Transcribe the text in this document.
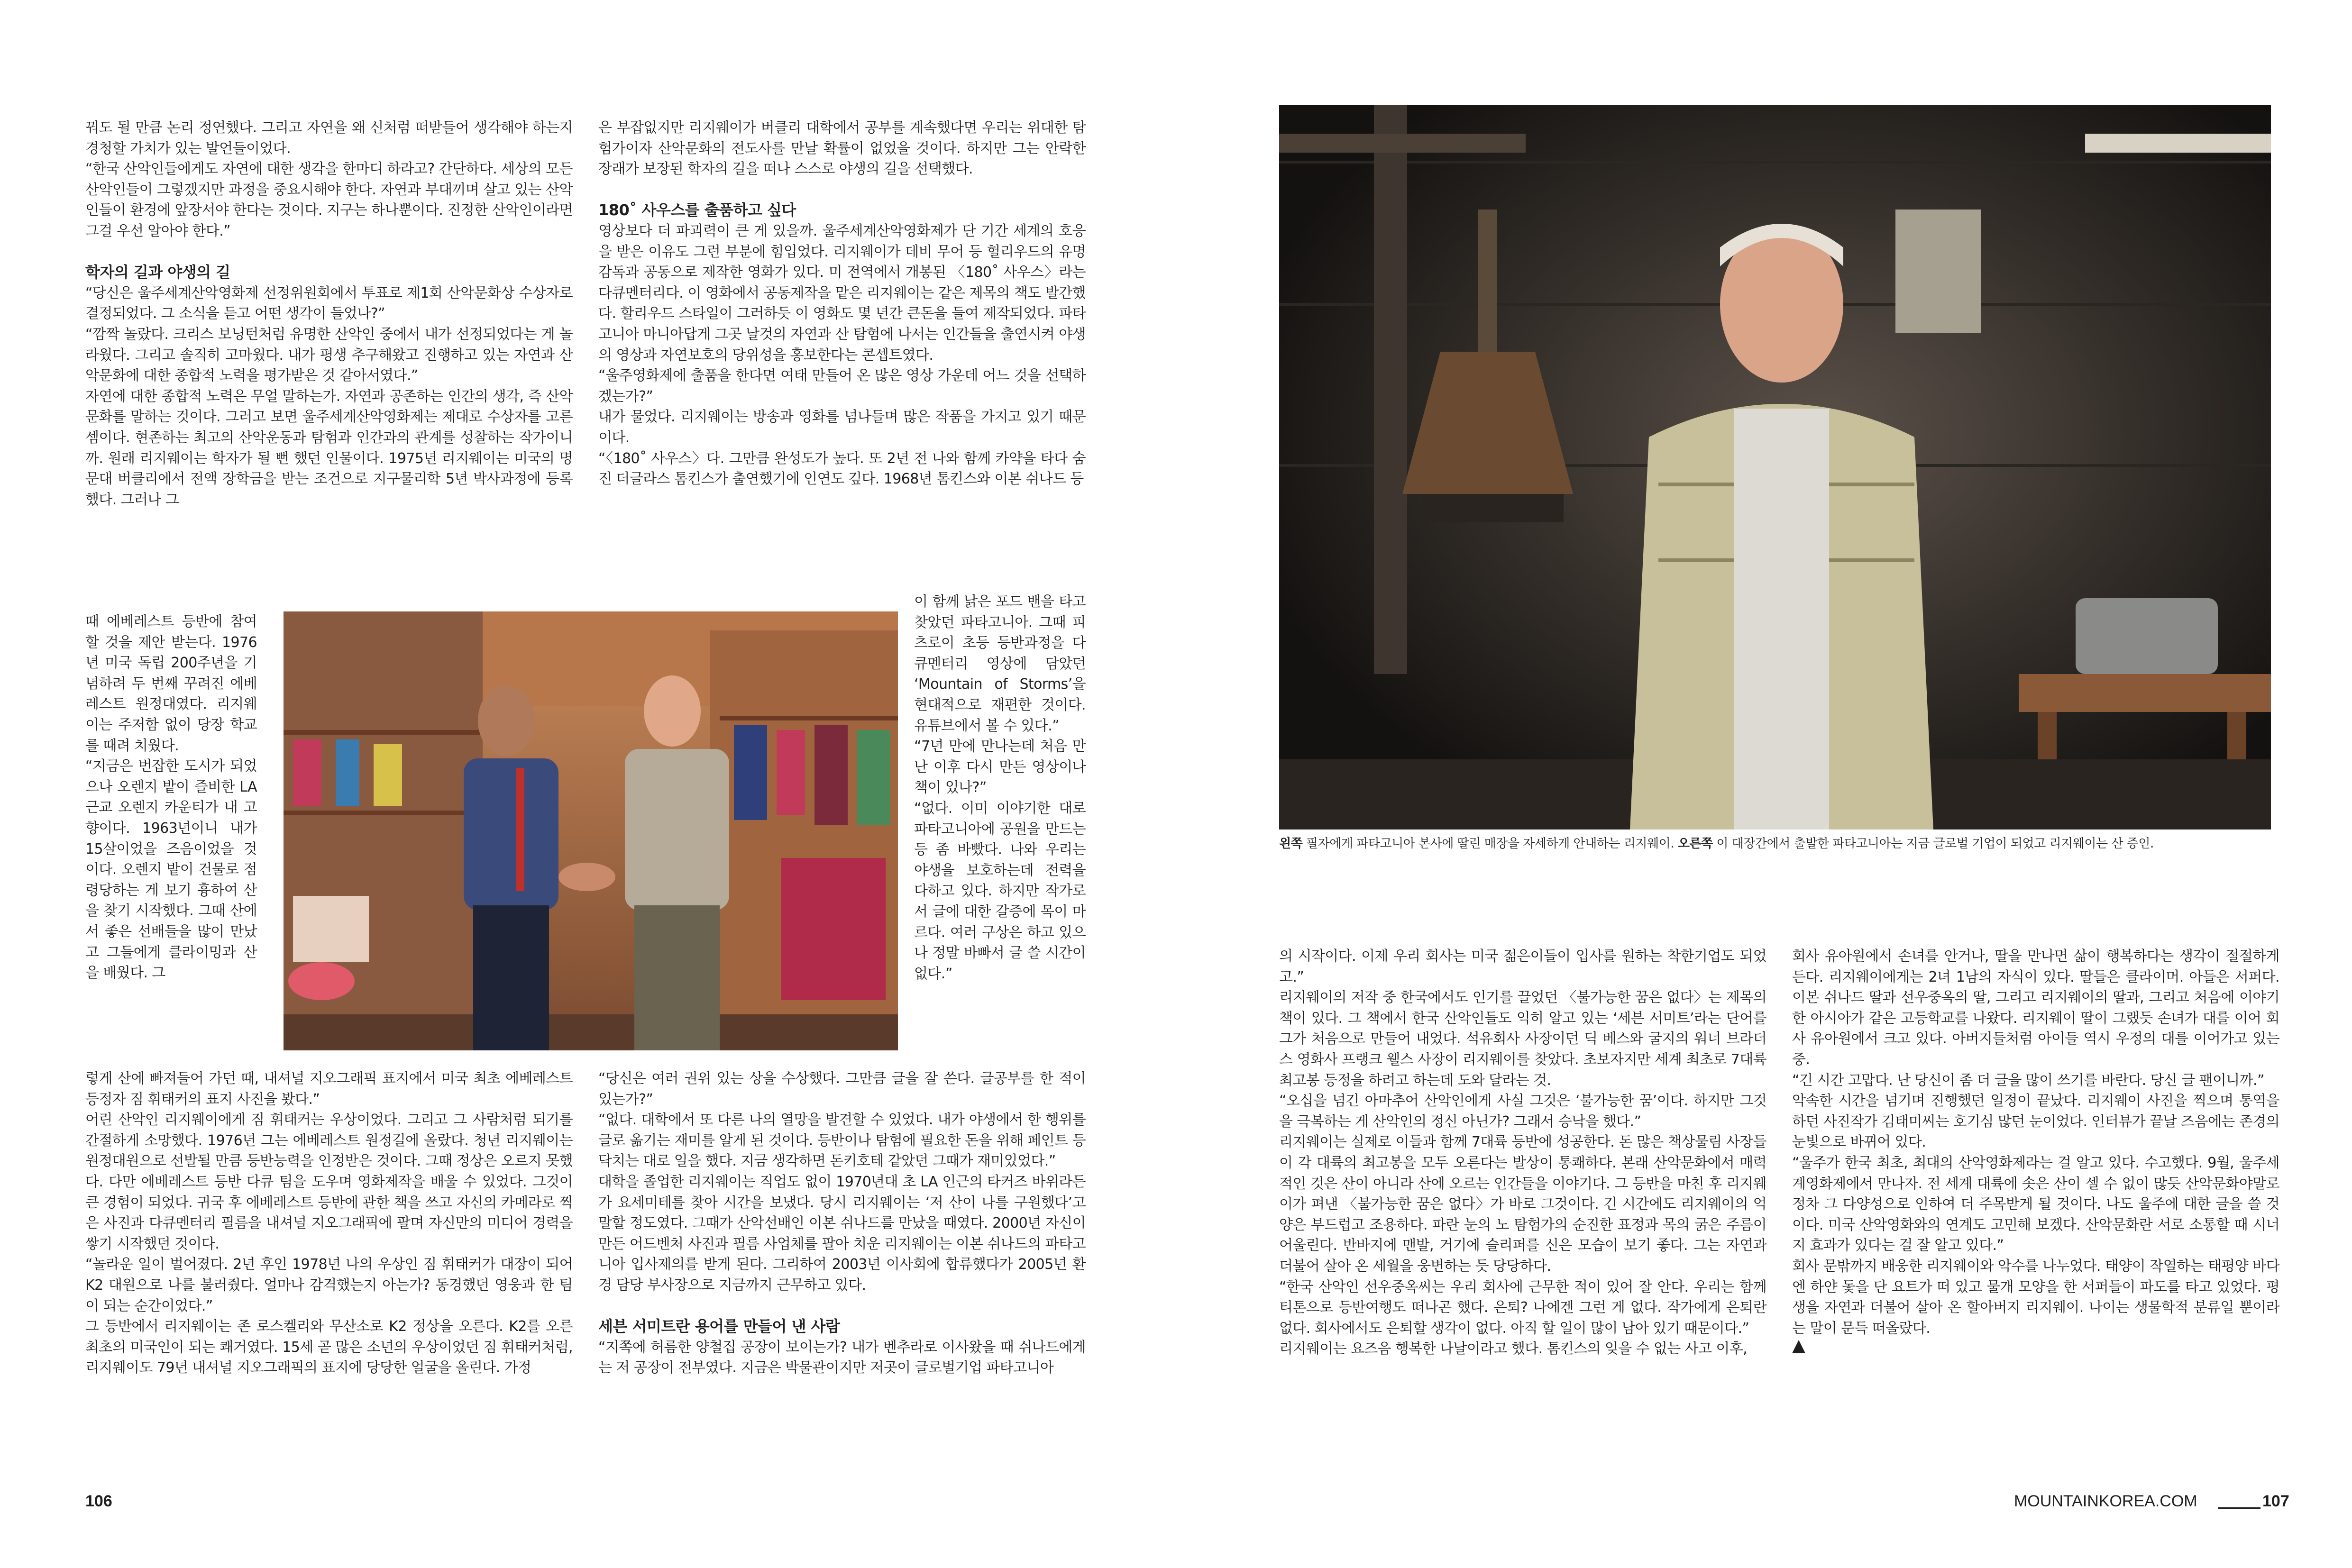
꿔도 될 만큼 논리 정연했다. 그리고 자연을 왜 신처럼 떠받들어 생각해야 하는지 경청할 가치가 있는 발언들이었다.

“한국 산악인들에게도 자연에 대한 생각을 한마디 하라고? 간단하다. 세상의 모든 산악인들이 그렇겠지만 과정을 중요시해야 한다. 자연과 부대끼며 살고 있는 산악인들이 환경에 앞장서야 한다는 것이다. 지구는 하나뿐이다. 진정한 산악인이라면 그걸 우선 알아야 한다.”

학자의 길과 야생의 길

“당신은 울주세계산악영화제 선정위원회에서 투표로 제1회 산악문화상 수상자로 결정되었다. 그 소식을 듣고 어떤 생각이 들었나?”

“깜짝 놀랐다. 크리스 보닝턴처럼 유명한 산악인 중에서 내가 선정되었다는 게 놀라웠다. 그리고 솔직히 고마웠다. 내가 평생 추구해왔고 진행하고 있는 자연과 산악문화에 대한 종합적 노력을 평가받은 것 같아서였다.”

자연에 대한 종합적 노력은 무얼 말하는가. 자연과 공존하는 인간의 생각, 즉 산악문화를 말하는 것이다. 그러고 보면 울주세계산악영화제는 제대로 수상자를 고른 셈이다. 현존하는 최고의 산악운동과 탐험과 인간과의 관계를 성찰하는 작가이니까. 원래 리지웨이는 학자가 될 뻔 했던 인물이다. 1975년 리지웨이는 미국의 명문대 버클리에서 전액 장학금을 받는 조건으로 지구물리학 5년 박사과정에 등록했다. 그러나 그

때 에베레스트 등반에 참여할 것을 제안 받는다. 1976년 미국 독립 200주년을 기념하려 두 번째 꾸려진 에베레스트 원정대였다. 리지웨이는 주저함 없이 당장 학교를 때려 치웠다.

“지금은 번잡한 도시가 되었으나 오렌지 밭이 즐비한 LA근교 오렌지 카운티가 내 고향이다. 1963년이니 내가 15살이었을 즈음이었을 것이다. 오렌지 밭이 건물로 점령당하는 게 보기 흉하여 산을 찾기 시작했다. 그때 산에서 좋은 선배들을 많이 만났고 그들에게 클라이밍과 산을 배웠다. 그

렇게 산에 빠져들어 가던 때, 내셔널 지오그래픽 표지에서 미국 최초 에베레스트 등정자 짐 휘태커의 표지 사진을 봤다.”

어린 산악인 리지웨이에게 짐 휘태커는 우상이었다. 그리고 그 사람처럼 되기를 간절하게 소망했다. 1976년 그는 에베레스트 원정길에 올랐다. 청년 리지웨이는 원정대원으로 선발될 만큼 등반능력을 인정받은 것이다. 그때 정상은 오르지 못했다. 다만 에베레스트 등반 다큐 팀을 도우며 영화제작을 배울 수 있었다. 그것이 큰 경험이 되었다. 귀국 후 에베레스트 등반에 관한 책을 쓰고 자신의 카메라로 찍은 사진과 다큐멘터리 필름을 내셔널 지오그래픽에 팔며 자신만의 미디어 경력을 쌓기 시작했던 것이다.

“놀라운 일이 벌어졌다. 2년 후인 1978년 나의 우상인 짐 휘태커가 대장이 되어 K2 대원으로 나를 불러줬다. 얼마나 감격했는지 아는가? 동경했던 영웅과 한 팀이 되는 순간이었다.”

그 등반에서 리지웨이는 존 로스켈리와 무산소로 K2 정상을 오른다. K2를 오른 최초의 미국인이 되는 쾌거였다. 15세 곧 많은 소년의 우상이었던 짐 휘태커처럼, 리지웨이도 79년 내셔널 지오그래픽의 표지에 당당한 얼굴을 올린다. 가정

은 부잡없지만 리지웨이가 버클리 대학에서 공부를 계속했다면 우리는 위대한 탐험가이자 산악문화의 전도사를 만날 확률이 없었을 것이다. 하지만 그는 안락한 장래가 보장된 학자의 길을 떠나 스스로 야생의 길을 선택했다.

180˚ 사우스를 출품하고 싶다

영상보다 더 파괴력이 큰 게 있을까. 울주세계산악영화제가 단 기간 세계의 호응을 받은 이유도 그런 부분에 힘입었다. 리지웨이가 데비 무어 등 헐리우드의 유명 감독과 공동으로 제작한 영화가 있다. 미 전역에서 개봉된 〈180˚ 사우스〉라는 다큐멘터리다. 이 영화에서 공동제작을 맡은 리지웨이는 같은 제목의 책도 발간했다. 할리우드 스타일이 그러하듯 이 영화도 몇 년간 큰돈을 들여 제작되었다. 파타고니아 마니아답게 그곳 날것의 자연과 산 탐험에 나서는 인간들을 출연시켜 야생의 영상과 자연보호의 당위성을 홍보한다는 콘셉트였다.

“울주영화제에 출품을 한다면 여태 만들어 온 많은 영상 가운데 어느 것을 선택하겠는가?”

내가 물었다. 리지웨이는 방송과 영화를 넘나들며 많은 작품을 가지고 있기 때문이다.

“〈180˚ 사우스〉다. 그만큼 완성도가 높다. 또 2년 전 나와 함께 카약을 타다 숨진 더글라스 톰킨스가 출연했기에 인연도 깊다. 1968년 톰킨스와 이본 쉬나드 등

이 함께 낡은 포드 밴을 타고 찾았던 파타고니아. 그때 피츠로이 초등 등반과정을 다큐멘터리 영상에 담았던 ‘Mountain of Storms’을 현대적으로 재편한 것이다. 유튜브에서 볼 수 있다.”

“7년 만에 만나는데 처음 만난 이후 다시 만든 영상이나 책이 있나?”

“없다. 이미 이야기한 대로 파타고니아에 공원을 만드는 등 좀 바빴다. 나와 우리는 야생을 보호하는데 전력을 다하고 있다. 하지만 작가로서 글에 대한 갈증에 목이 마르다. 여러 구상은 하고 있으나 정말 바빠서 글 쓸 시간이 없다.”

“당신은 여러 권위 있는 상을 수상했다. 그만큼 글을 잘 쓴다. 글공부를 한 적이 있는가?”

“없다. 대학에서 또 다른 나의 열망을 발견할 수 있었다. 내가 야생에서 한 행위를 글로 옮기는 재미를 알게 된 것이다. 등반이나 탐험에 필요한 돈을 위해 페인트 등 닥치는 대로 일을 했다. 지금 생각하면 돈키호테 같았던 그때가 재미있었다.”

대학을 졸업한 리지웨이는 직업도 없이 1970년대 초 LA 인근의 타커즈 바위라든가 요세미테를 찾아 시간을 보냈다. 당시 리지웨이는 ‘저 산이 나를 구원했다’고 말할 정도였다. 그때가 산악선배인 이본 쉬나드를 만났을 때였다. 2000년 자신이 만든 어드벤처 사진과 필름 사업체를 팔아 치운 리지웨이는 이본 쉬나드의 파타고니아 입사제의를 받게 된다. 그리하여 2003년 이사회에 합류했다가 2005년 환경 담당 부사장으로 지금까지 근무하고 있다.

세븐 서미트란 용어를 만들어 낸 사람

“지쪽에 허름한 양철집 공장이 보이는가? 내가 벤추라로 이사왔을 때 쉬나드에게는 저 공장이 전부였다. 지금은 박물관이지만 저곳이 글로벌기업 파타고니아

106
왼쪽 필자에게 파타고니아 본사에 딸린 매장을 자세하게 안내하는 리지웨이. 오른쪽 이 대장간에서 출발한 파타고니아는 지금 글로벌 기업이 되었고 리지웨이는 산 증인.

의 시작이다. 이제 우리 회사는 미국 젊은이들이 입사를 원하는 착한기업도 되었고.”

리지웨이의 저작 중 한국에서도 인기를 끌었던 〈불가능한 꿈은 없다〉는 제목의 책이 있다. 그 책에서 한국 산악인들도 익히 알고 있는 ‘세븐 서미트’라는 단어를 그가 처음으로 만들어 내었다. 석유회사 사장이던 딕 베스와 굴지의 워너 브라더스 영화사 프랭크 웰스 사장이 리지웨이를 찾았다. 초보자지만 세계 최초로 7대륙 최고봉 등정을 하려고 하는데 도와 달라는 것.

“오십을 넘긴 아마추어 산악인에게 사실 그것은 ‘불가능한 꿈’이다. 하지만 그것을 극복하는 게 산악인의 정신 아닌가? 그래서 승낙을 했다.”

리지웨이는 실제로 이들과 함께 7대륙 등반에 성공한다. 돈 많은 책상물림 사장들이 각 대륙의 최고봉을 모두 오른다는 발상이 통쾌하다. 본래 산악문화에서 매력적인 것은 산이 아니라 산에 오르는 인간들을 이야기다. 그 등반을 마친 후 리지웨이가 펴낸 〈불가능한 꿈은 없다〉가 바로 그것이다. 긴 시간에도 리지웨이의 억양은 부드럽고 조용하다. 파란 눈의 노 탐험가의 순진한 표정과 목의 굵은 주름이 어울린다. 반바지에 맨발, 거기에 슬리퍼를 신은 모습이 보기 좋다. 그는 자연과 더불어 살아 온 세월을 웅변하는 듯 당당하다.

“한국 산악인 선우중옥씨는 우리 회사에 근무한 적이 있어 잘 안다. 우리는 함께 티톤으로 등반여행도 떠나곤 했다. 은퇴? 나에겐 그런 게 없다. 작가에게 은퇴란 없다. 회사에서도 은퇴할 생각이 없다. 아직 할 일이 많이 남아 있기 때문이다.”

리지웨이는 요즈음 행복한 나날이라고 했다. 톰킨스의 잊을 수 없는 사고 이후,

회사 유아원에서 손녀를 안거나, 딸을 만나면 삶이 행복하다는 생각이 절절하게 든다. 리지웨이에게는 2녀 1남의 자식이 있다. 딸들은 클라이머. 아들은 서퍼다. 이본 쉬나드 딸과 선우중옥의 딸, 그리고 리지웨이의 딸과, 그리고 처음에 이야기한 아시아가 같은 고등학교를 나왔다. 리지웨이 딸이 그랬듯 손녀가 대를 이어 회사 유아원에서 크고 있다. 아버지들처럼 아이들 역시 우정의 대를 이어가고 있는 중.

“긴 시간 고맙다. 난 당신이 좀 더 글을 많이 쓰기를 바란다. 당신 글 팬이니까.”

악속한 시간을 넘기며 진행했던 일정이 끝났다. 리지웨이 사진을 찍으며 통역을 하던 사진작가 김태미씨는 호기심 많던 눈이었다. 인터뷰가 끝날 즈음에는 존경의 눈빛으로 바뀌어 있다.

“울주가 한국 최초, 최대의 산악영화제라는 걸 알고 있다. 수고했다. 9월, 울주세계영화제에서 만나자. 전 세계 대륙에 솟은 산이 셀 수 없이 많듯 산악문화야말로 정차 그 다양성으로 인하여 더 주목받게 될 것이다. 나도 울주에 대한 글을 쓸 것이다. 미국 산악영화와의 연계도 고민해 보겠다. 산악문화란 서로 소통할 때 시너지 효과가 있다는 걸 잘 알고 있다.”

회사 문밖까지 배웅한 리지웨이와 악수를 나누었다. 태양이 작열하는 태평양 바다엔 하얀 돛을 단 요트가 떠 있고 물개 모양을 한 서퍼들이 파도를 타고 있었다. 평생을 자연과 더불어 살아 온 할아버지 리지웨이. 나이는 생물학적 분류일 뿐이라는 말이 문득 떠올랐다.

MOUNTAINKOREA.COM	107
